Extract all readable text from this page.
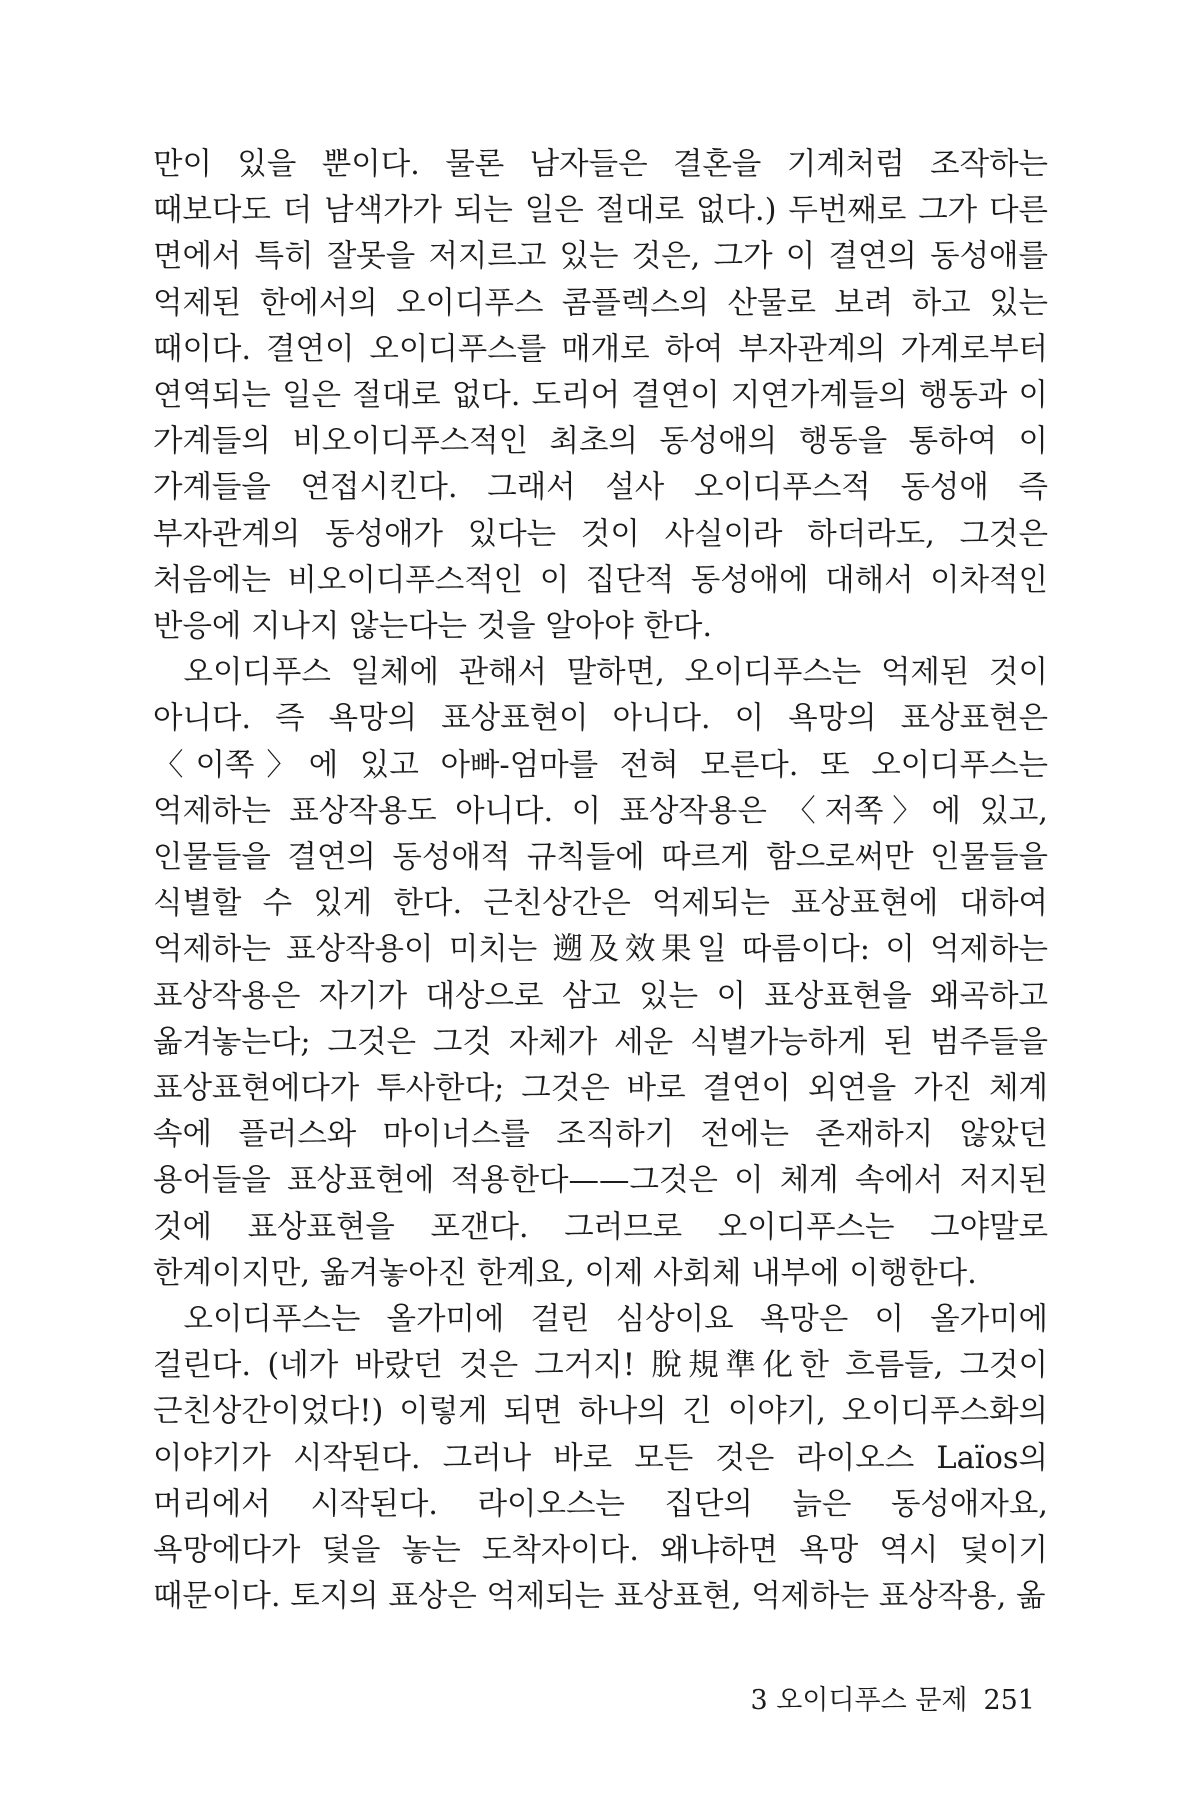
만이 있을 뿐이다. 물론 남자들은 결혼을 기계처럼 조작하는 때보다도 더 남색가가 되는 일은 절대로 없다.) 두번째로 그가 다른 면에서 특히 잘못을 저지르고 있는 것은, 그가 이 결연의 동성애를 억제된 한에서의 오이디푸스 콤플렉스의 산물로 보려 하고 있는 때이다. 결연이 오이디푸스를 매개로 하여 부자관계의 가계로부터 연역되는 일은 절대로 없다. 도리어 결연이 지연가계들의 행동과 이 가계들의 비오이디푸스적인 최초의 동성애의 행동을 통하여 이 가계들을 연접시킨다. 그래서 설사 오이디푸스적 동성애 즉 부자관계의 동성애가 있다는 것이 사실이라 하더라도, 그것은 처음에는 비오이디푸스적인 이 집단적 동성애에 대해서 이차적인 반응에 지나지 않는다는 것을 알아야 한다.

오이디푸스 일체에 관해서 말하면, 오이디푸스는 억제된 것이 아니다. 즉 욕망의 표상표현이 아니다. 이 욕망의 표상표현은 〈이쪽〉에 있고 아빠-엄마를 전혀 모른다. 또 오이디푸스는 억제하는 표상작용도 아니다. 이 표상작용은 〈저쪽〉에 있고, 인물들을 결연의 동성애적 규칙들에 따르게 함으로써만 인물들을 식별할 수 있게 한다. 근친상간은 억제되는 표상표현에 대하여 억제하는 표상작용이 미치는 遡及效果일 따름이다: 이 억제하는 표상작용은 자기가 대상으로 삼고 있는 이 표상표현을 왜곡하고 옮겨놓는다; 그것은 그것 자체가 세운 식별가능하게 된 범주들을 표상표현에다가 투사한다; 그것은 바로 결연이 외연을 가진 체계 속에 플러스와 마이너스를 조직하기 전에는 존재하지 않았던 용어들을 표상표현에 적용한다——그것은 이 체계 속에서 저지된 것에 표상표현을 포갠다. 그러므로 오이디푸스는 그야말로 한계이지만, 옮겨놓아진 한계요, 이제 사회체 내부에 이행한다.

오이디푸스는 올가미에 걸린 심상이요 욕망은 이 올가미에 걸린다. (네가 바랐던 것은 그거지! 脫規準化한 흐름들, 그것이 근친상간이었다!) 이렇게 되면 하나의 긴 이야기, 오이디푸스화의 이야기가 시작된다. 그러나 바로 모든 것은 라이오스 Laïos의 머리에서 시작된다. 라이오스는 집단의 늙은 동성애자요, 욕망에다가 덫을 놓는 도착자이다. 왜냐하면 욕망 역시 덫이기 때문이다. 토지의 표상은 억제되는 표상표현, 억제하는 표상작용, 옮

3 오이디푸스 문제 251
